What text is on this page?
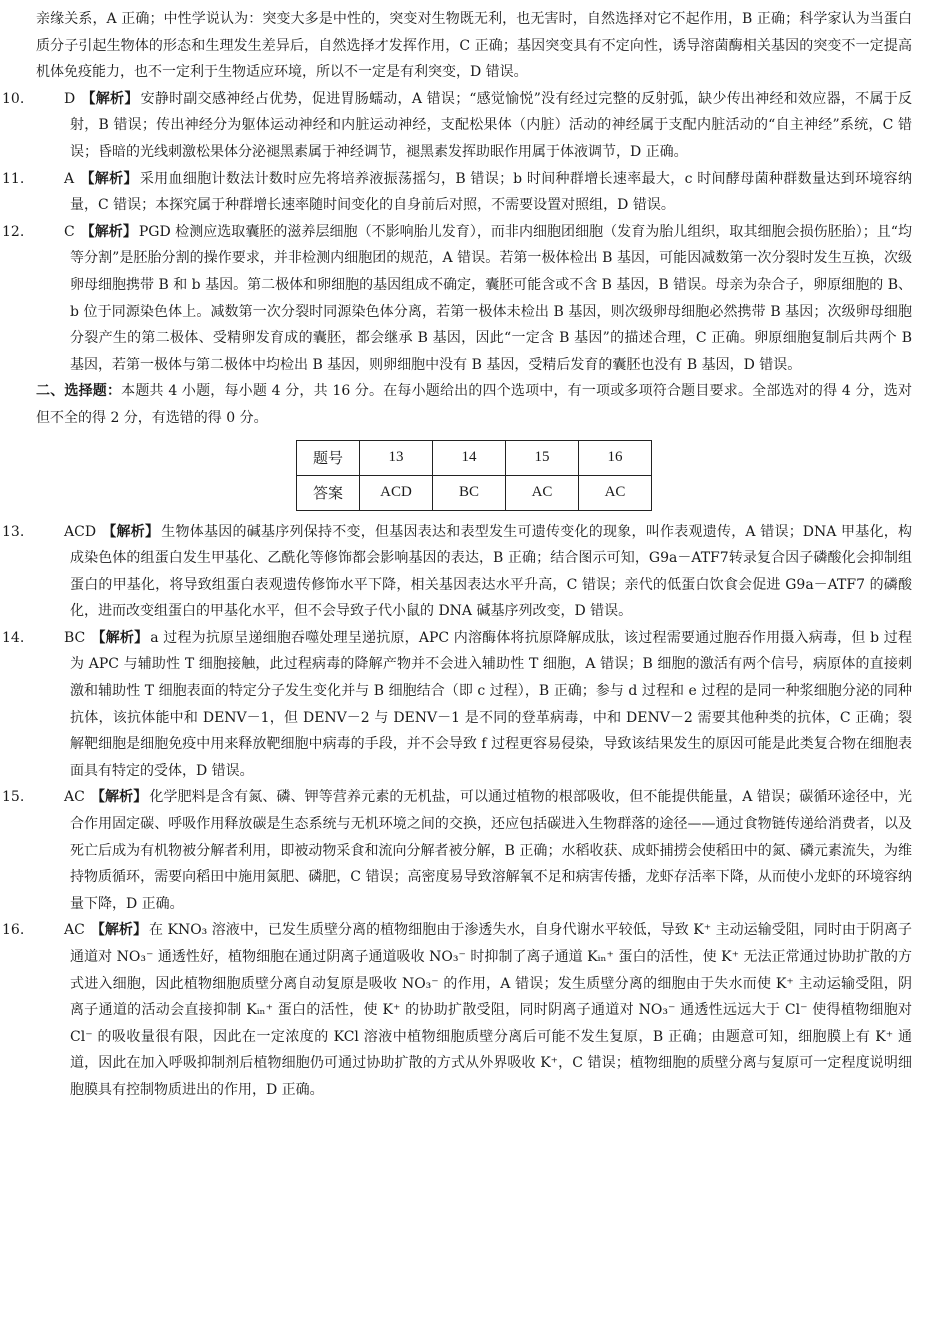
亲缘关系，A 正确；中性学说认为：突变大多是中性的，突变对生物既无利，也无害时，自然选择对它不起作用，B 正确；科学家认为当蛋白质分子引起生物体的形态和生理发生差异后，自然选择才发挥作用，C 正确；基因突变具有不定向性，诱导溶菌酶相关基因的突变不一定提高机体免疫能力，也不一定利于生物适应环境，所以不一定是有利突变，D 错误。

10.	D 【解析】 安静时副交感神经占优势，促进胃肠蠕动，A 错误；“感觉愉悦”没有经过完整的反射弧，缺少传出神经和效应器，不属于反射，B 错误；传出神经分为躯体运动神经和内脏运动神经，支配松果体（内脏）活动的神经属于支配内脏活动的“自主神经”系统，C 错误；昏暗的光线刺激松果体分泌褪黑素属于神经调节，褪黑素发挥助眠作用属于体液调节，D 正确。

11.	A 【解析】 采用血细胞计数法计数时应先将培养液振荡摇匀，B 错误；b 时间种群增长速率最大，c 时间酵母菌种群数量达到环境容纳量，C 错误；本探究属于种群增长速率随时间变化的自身前后对照，不需要设置对照组，D 错误。

12.	C 【解析】 PGD 检测应选取囊胚的滋养层细胞（不影响胎儿发育），而非内细胞团细胞（发育为胎儿组织，取其细胞会损伤胚胎）；且“均等分割”是胚胎分割的操作要求，并非检测内细胞团的规范，A 错误。若第一极体检出 B 基因，可能因减数第一次分裂时发生互换，次级卵母细胞携带 B 和 b 基因。第二极体和卵细胞的基因组成不确定，囊胚可能含或不含 B 基因，B 错误。母亲为杂合子，卵原细胞的 B、b 位于同源染色体上。减数第一次分裂时同源染色体分离，若第一极体未检出 B 基因，则次级卵母细胞必然携带 B 基因；次级卵母细胞分裂产生的第二极体、受精卵发育成的囊胚，都会继承 B 基因，因此“一定含 B 基因”的描述合理，C 正确。卵原细胞复制后共两个 B 基因，若第一极体与第二极体中均检出 B 基因，则卵细胞中没有 B 基因，受精后发育的囊胚也没有 B 基因，D 错误。

二、选择题：本题共 4 小题，每小题 4 分，共 16 分。在每小题给出的四个选项中，有一项或多项符合题目要求。全部选对的得 4 分，选对但不全的得 2 分，有选错的得 0 分。

题号	13	14	15	16
答案	ACD	BC	AC	AC

13.	ACD 【解析】 生物体基因的碱基序列保持不变，但基因表达和表型发生可遗传变化的现象，叫作表观遗传，A 错误；DNA 甲基化，构成染色体的组蛋白发生甲基化、乙酰化等修饰都会影响基因的表达，B 正确；结合图示可知，G9a－ATF7转录复合因子磷酸化会抑制组蛋白的甲基化，将导致组蛋白表观遗传修饰水平下降，相关基因表达水平升高，C 错误；亲代的低蛋白饮食会促进 G9a－ATF7 的磷酸化，进而改变组蛋白的甲基化水平，但不会导致子代小鼠的 DNA 碱基序列改变，D 错误。

14.	BC 【解析】 a 过程为抗原呈递细胞吞噬处理呈递抗原，APC 内溶酶体将抗原降解成肽，该过程需要通过胞吞作用摄入病毒，但 b 过程为 APC 与辅助性 T 细胞接触，此过程病毒的降解产物并不会进入辅助性 T 细胞，A 错误；B 细胞的激活有两个信号，病原体的直接刺激和辅助性 T 细胞表面的特定分子发生变化并与 B 细胞结合（即 c 过程），B 正确；参与 d 过程和 e 过程的是同一种浆细胞分泌的同种抗体，该抗体能中和 DENV－1，但 DENV－2 与 DENV－1 是不同的登革病毒，中和 DENV－2 需要其他种类的抗体，C 正确；裂解靶细胞是细胞免疫中用来释放靶细胞中病毒的手段，并不会导致 f 过程更容易侵染，导致该结果发生的原因可能是此类复合物在细胞表面具有特定的受体，D 错误。

15.	AC 【解析】 化学肥料是含有氮、磷、钾等营养元素的无机盐，可以通过植物的根部吸收，但不能提供能量，A 错误；碳循环途径中，光合作用固定碳、呼吸作用释放碳是生态系统与无机环境之间的交换，还应包括碳进入生物群落的途径——通过食物链传递给消费者，以及死亡后成为有机物被分解者利用，即被动物采食和流向分解者被分解，B 正确；水稻收获、成虾捕捞会使稻田中的氮、磷元素流失，为维持物质循环，需要向稻田中施用氮肥、磷肥，C 错误；高密度易导致溶解氧不足和病害传播，龙虾存活率下降，从而使小龙虾的环境容纳量下降，D 正确。

16.	AC 【解析】 在 KNO₃ 溶液中，已发生质壁分离的植物细胞由于渗透失水，自身代谢水平较低，导致 K⁺ 主动运输受阻，同时由于阴离子通道对 NO₃⁻ 通透性好，植物细胞在通过阴离子通道吸收 NO₃⁻ 时抑制了离子通道 Kᵢₙ⁺ 蛋白的活性，使 K⁺ 无法正常通过协助扩散的方式进入细胞，因此植物细胞质壁分离自动复原是吸收 NO₃⁻ 的作用，A 错误；发生质壁分离的细胞由于失水而使 K⁺ 主动运输受阻，阴离子通道的活动会直接抑制 Kᵢₙ⁺ 蛋白的活性，使 K⁺ 的协助扩散受阻，同时阴离子通道对 NO₃⁻ 通透性远远大于 Cl⁻ 使得植物细胞对 Cl⁻ 的吸收量很有限，因此在一定浓度的 KCl 溶液中植物细胞质壁分离后可能不发生复原，B 正确；由题意可知，细胞膜上有 K⁺ 通道，因此在加入呼吸抑制剂后植物细胞仍可通过协助扩散的方式从外界吸收 K⁺，C 错误；植物细胞的质壁分离与复原可一定程度说明细胞膜具有控制物质进出的作用，D 正确。
